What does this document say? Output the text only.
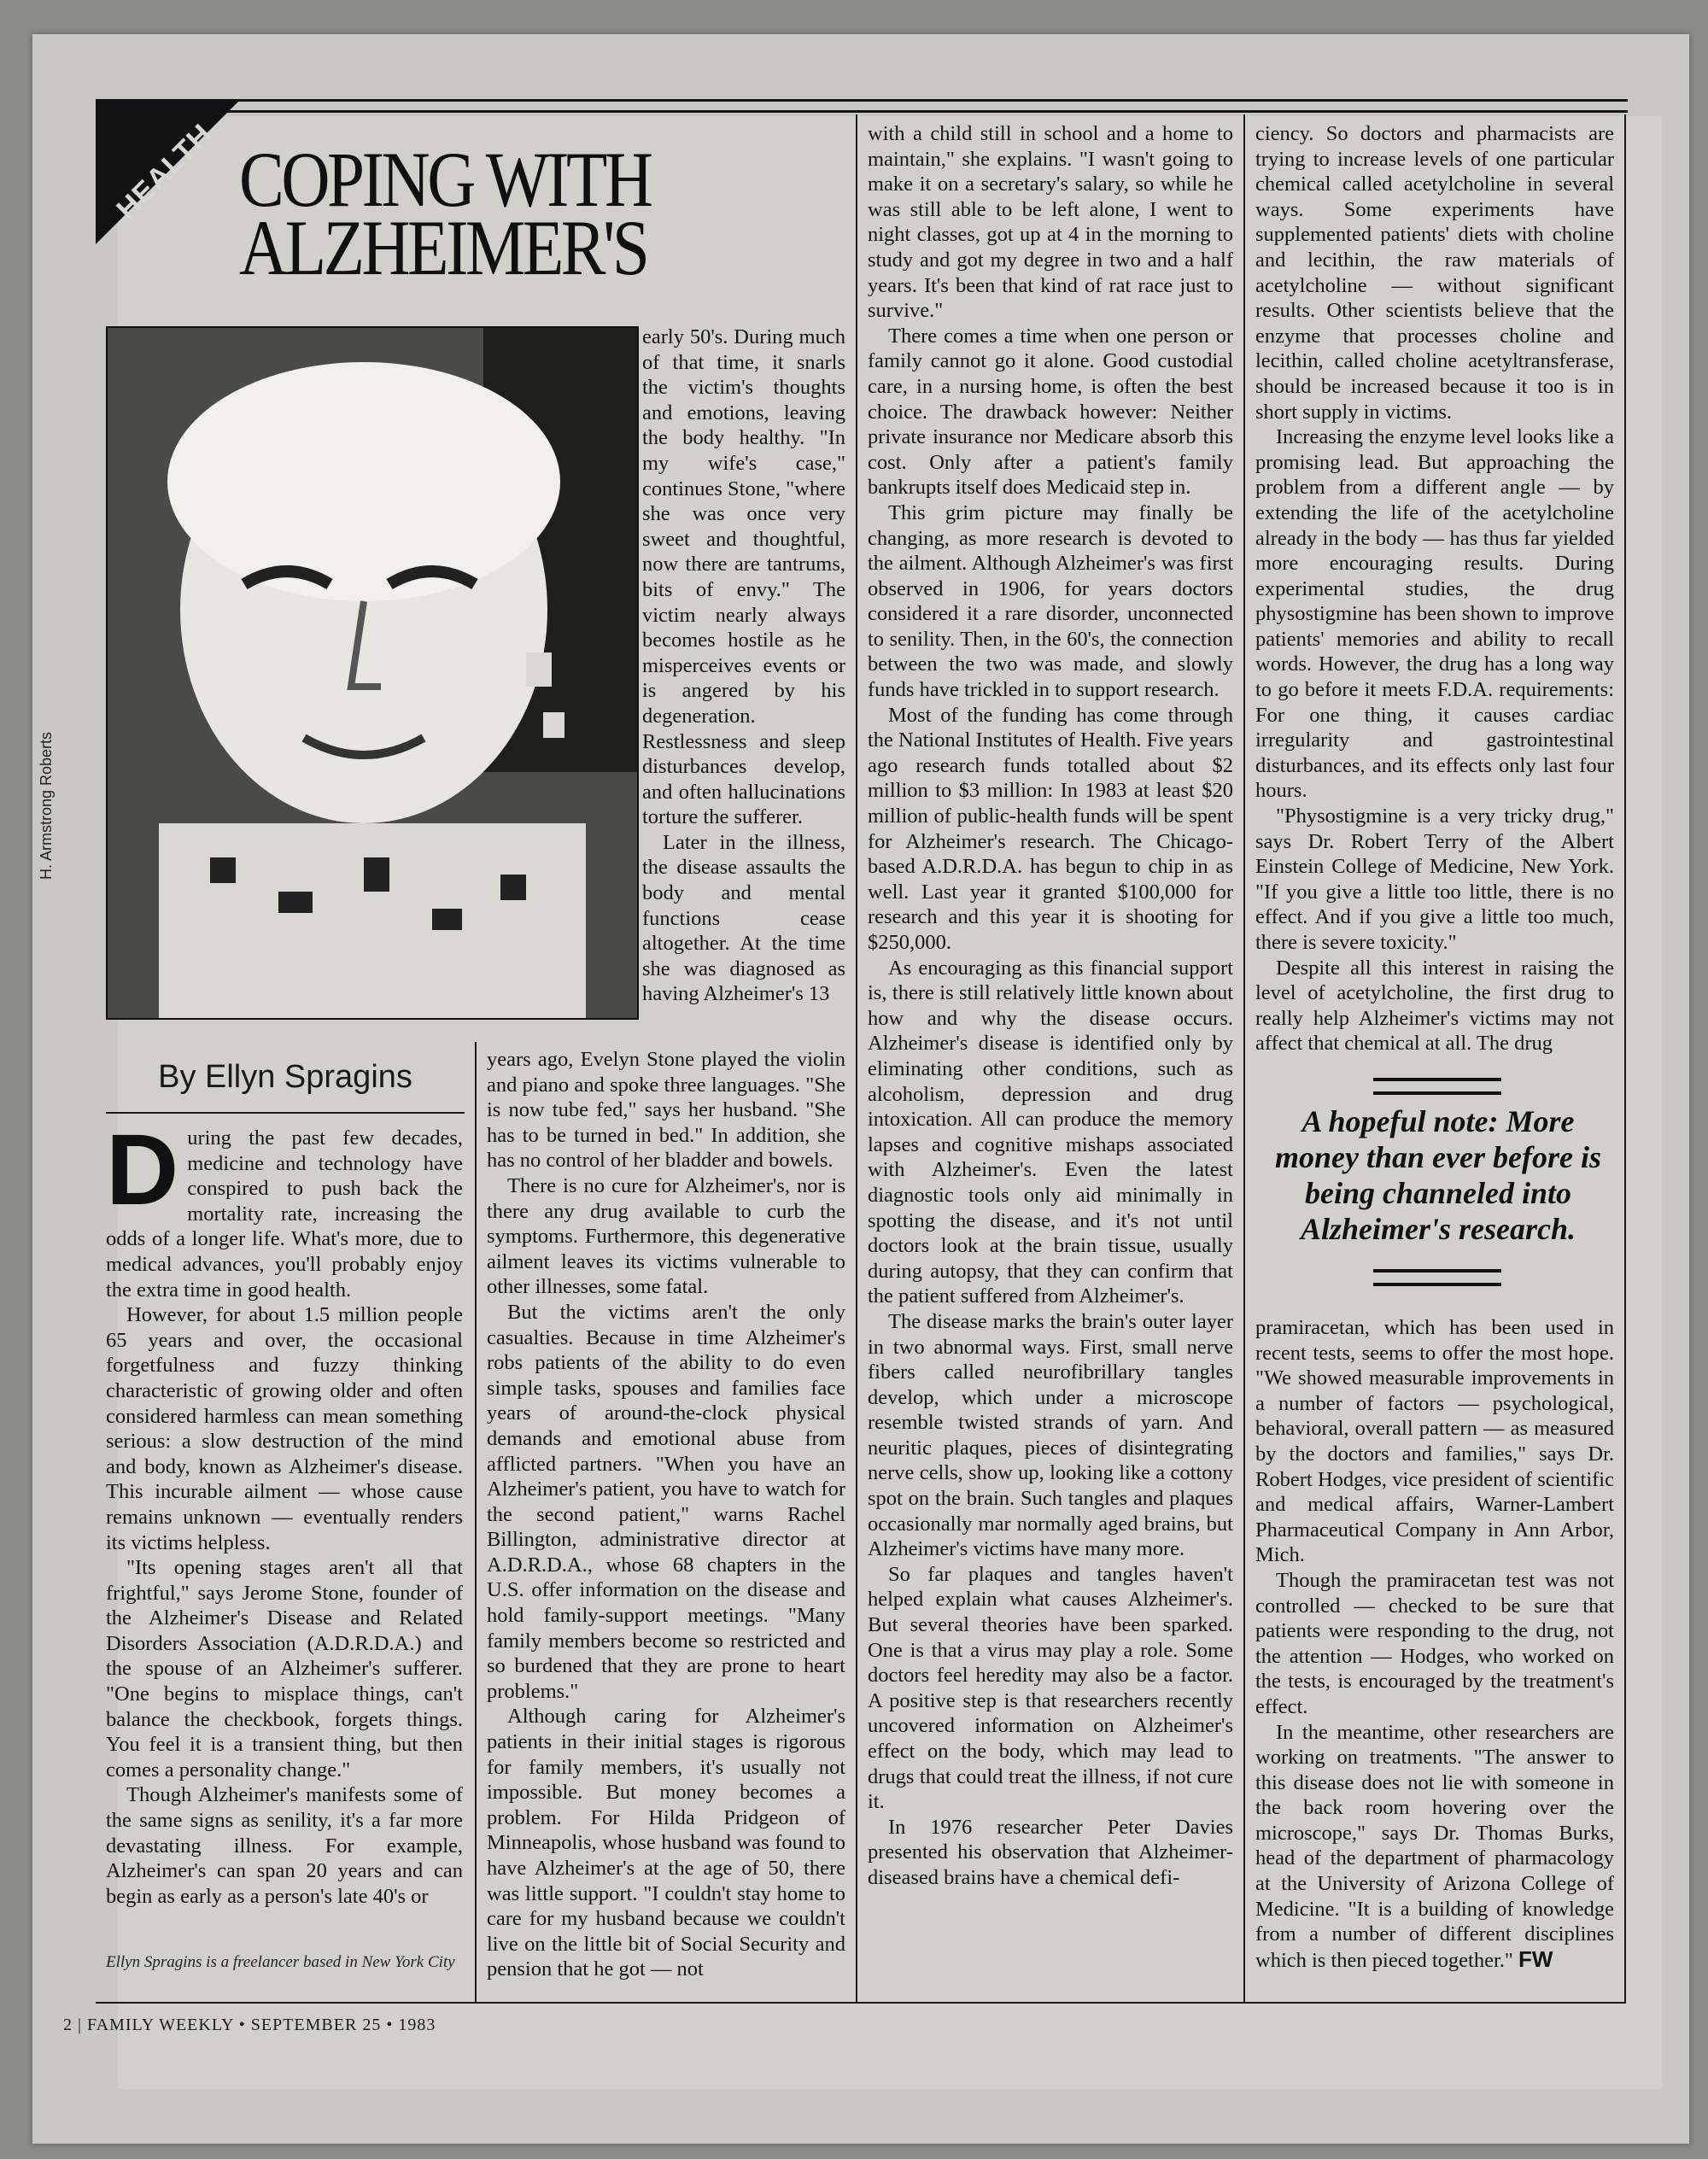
HEALTH COPING WITH
ALZHEIMER'S
H. Armstrong Roberts
By Ellyn Spragins

During the past few decades, medicine and technology have conspired to push back the mortality rate, increasing the odds of a longer life. What's more, due to medical advances, you'll probably enjoy the extra time in good health.

However, for about 1.5 million people 65 years and over, the occasional forgetfulness and fuzzy thinking characteristic of growing older and often considered harmless can mean something serious: a slow destruction of the mind and body, known as Alzheimer's disease. This incurable ailment — whose cause remains unknown — eventually renders its victims helpless.

"Its opening stages aren't all that frightful," says Jerome Stone, founder of the Alzheimer's Disease and Related Disorders Association (A.D.R.D.A.) and the spouse of an Alzheimer's sufferer. "One begins to misplace things, can't balance the checkbook, forgets things. You feel it is a transient thing, but then comes a personality change."

Though Alzheimer's manifests some of the same signs as senility, it's a far more devastating illness. For example, Alzheimer's can span 20 years and can begin as early as a person's late 40's or

Ellyn Spragins is a freelancer based in New York City

early 50's. During much of that time, it snarls the victim's thoughts and emotions, leaving the body healthy. "In my wife's case," continues Stone, "where she was once very sweet and thoughtful, now there are tantrums, bits of envy." The victim nearly always becomes hostile as he misperceives events or is angered by his degeneration. Restlessness and sleep disturbances develop, and often hallucinations torture the sufferer.

Later in the illness, the disease assaults the body and mental functions cease altogether. At the time she was diagnosed as having Alzheimer's 13

years ago, Evelyn Stone played the violin and piano and spoke three languages. "She is now tube fed," says her husband. "She has to be turned in bed." In addition, she has no control of her bladder and bowels.

There is no cure for Alzheimer's, nor is there any drug available to curb the symptoms. Furthermore, this degenerative ailment leaves its victims vulnerable to other illnesses, some fatal.

But the victims aren't the only casualties. Because in time Alzheimer's robs patients of the ability to do even simple tasks, spouses and families face years of around-the-clock physical demands and emotional abuse from afflicted partners. "When you have an Alzheimer's patient, you have to watch for the second patient," warns Rachel Billington, administrative director at A.D.R.D.A., whose 68 chapters in the U.S. offer information on the disease and hold family-support meetings. "Many family members become so restricted and so burdened that they are prone to heart problems."

Although caring for Alzheimer's patients in their initial stages is rigorous for family members, it's usually not impossible. But money becomes a problem. For Hilda Pridgeon of Minneapolis, whose husband was found to have Alzheimer's at the age of 50, there was little support. "I couldn't stay home to care for my husband because we couldn't live on the little bit of Social Security and pension that he got — not

with a child still in school and a home to maintain," she explains. "I wasn't going to make it on a secretary's salary, so while he was still able to be left alone, I went to night classes, got up at 4 in the morning to study and got my degree in two and a half years. It's been that kind of rat race just to survive."

There comes a time when one person or family cannot go it alone. Good custodial care, in a nursing home, is often the best choice. The drawback however: Neither private insurance nor Medicare absorb this cost. Only after a patient's family bankrupts itself does Medicaid step in.

This grim picture may finally be changing, as more research is devoted to the ailment. Although Alzheimer's was first observed in 1906, for years doctors considered it a rare disorder, unconnected to senility. Then, in the 60's, the connection between the two was made, and slowly funds have trickled in to support research.

Most of the funding has come through the National Institutes of Health. Five years ago research funds totalled about $2 million to $3 million: In 1983 at least $20 million of public-health funds will be spent for Alzheimer's research. The Chicago-based A.D.R.D.A. has begun to chip in as well. Last year it granted $100,000 for research and this year it is shooting for $250,000.

As encouraging as this financial support is, there is still relatively little known about how and why the disease occurs. Alzheimer's disease is identified only by eliminating other conditions, such as alcoholism, depression and drug intoxication. All can produce the memory lapses and cognitive mishaps associated with Alzheimer's. Even the latest diagnostic tools only aid minimally in spotting the disease, and it's not until doctors look at the brain tissue, usually during autopsy, that they can confirm that the patient suffered from Alzheimer's.

The disease marks the brain's outer layer in two abnormal ways. First, small nerve fibers called neurofibrillary tangles develop, which under a microscope resemble twisted strands of yarn. And neuritic plaques, pieces of disintegrating nerve cells, show up, looking like a cottony spot on the brain. Such tangles and plaques occasionally mar normally aged brains, but Alzheimer's victims have many more.

So far plaques and tangles haven't helped explain what causes Alzheimer's. But several theories have been sparked. One is that a virus may play a role. Some doctors feel heredity may also be a factor. A positive step is that researchers recently uncovered information on Alzheimer's effect on the body, which may lead to drugs that could treat the illness, if not cure it.

In 1976 researcher Peter Davies presented his observation that Alzheimer-diseased brains have a chemical defi-

ciency. So doctors and pharmacists are trying to increase levels of one particular chemical called acetylcholine in several ways. Some experiments have supplemented patients' diets with choline and lecithin, the raw materials of acetylcholine — without significant results. Other scientists believe that the enzyme that processes choline and lecithin, called choline acetyltransferase, should be increased because it too is in short supply in victims.

Increasing the enzyme level looks like a promising lead. But approaching the problem from a different angle — by extending the life of the acetylcholine already in the body — has thus far yielded more encouraging results. During experimental studies, the drug physostigmine has been shown to improve patients' memories and ability to recall words. However, the drug has a long way to go before it meets F.D.A. requirements: For one thing, it causes cardiac irregularity and gastrointestinal disturbances, and its effects only last four hours.

"Physostigmine is a very tricky drug," says Dr. Robert Terry of the Albert Einstein College of Medicine, New York. "If you give a little too little, there is no effect. And if you give a little too much, there is severe toxicity."

Despite all this interest in raising the level of acetylcholine, the first drug to really help Alzheimer's victims may not affect that chemical at all. The drug

A hopeful note: More money than ever before is being channeled into Alzheimer's research.

pramiracetan, which has been used in recent tests, seems to offer the most hope. "We showed measurable improvements in a number of factors — psychological, behavioral, overall pattern — as measured by the doctors and families," says Dr. Robert Hodges, vice president of scientific and medical affairs, Warner-Lambert Pharmaceutical Company in Ann Arbor, Mich.

Though the pramiracetan test was not controlled — checked to be sure that patients were responding to the drug, not the attention — Hodges, who worked on the tests, is encouraged by the treatment's effect.

In the meantime, other researchers are working on treatments. "The answer to this disease does not lie with someone in the back room hovering over the microscope," says Dr. Thomas Burks, head of the department of pharmacology at the University of Arizona College of Medicine. "It is a building of knowledge from a number of different disciplines which is then pieced together." FW

2 | FAMILY WEEKLY • SEPTEMBER 25 • 1983
